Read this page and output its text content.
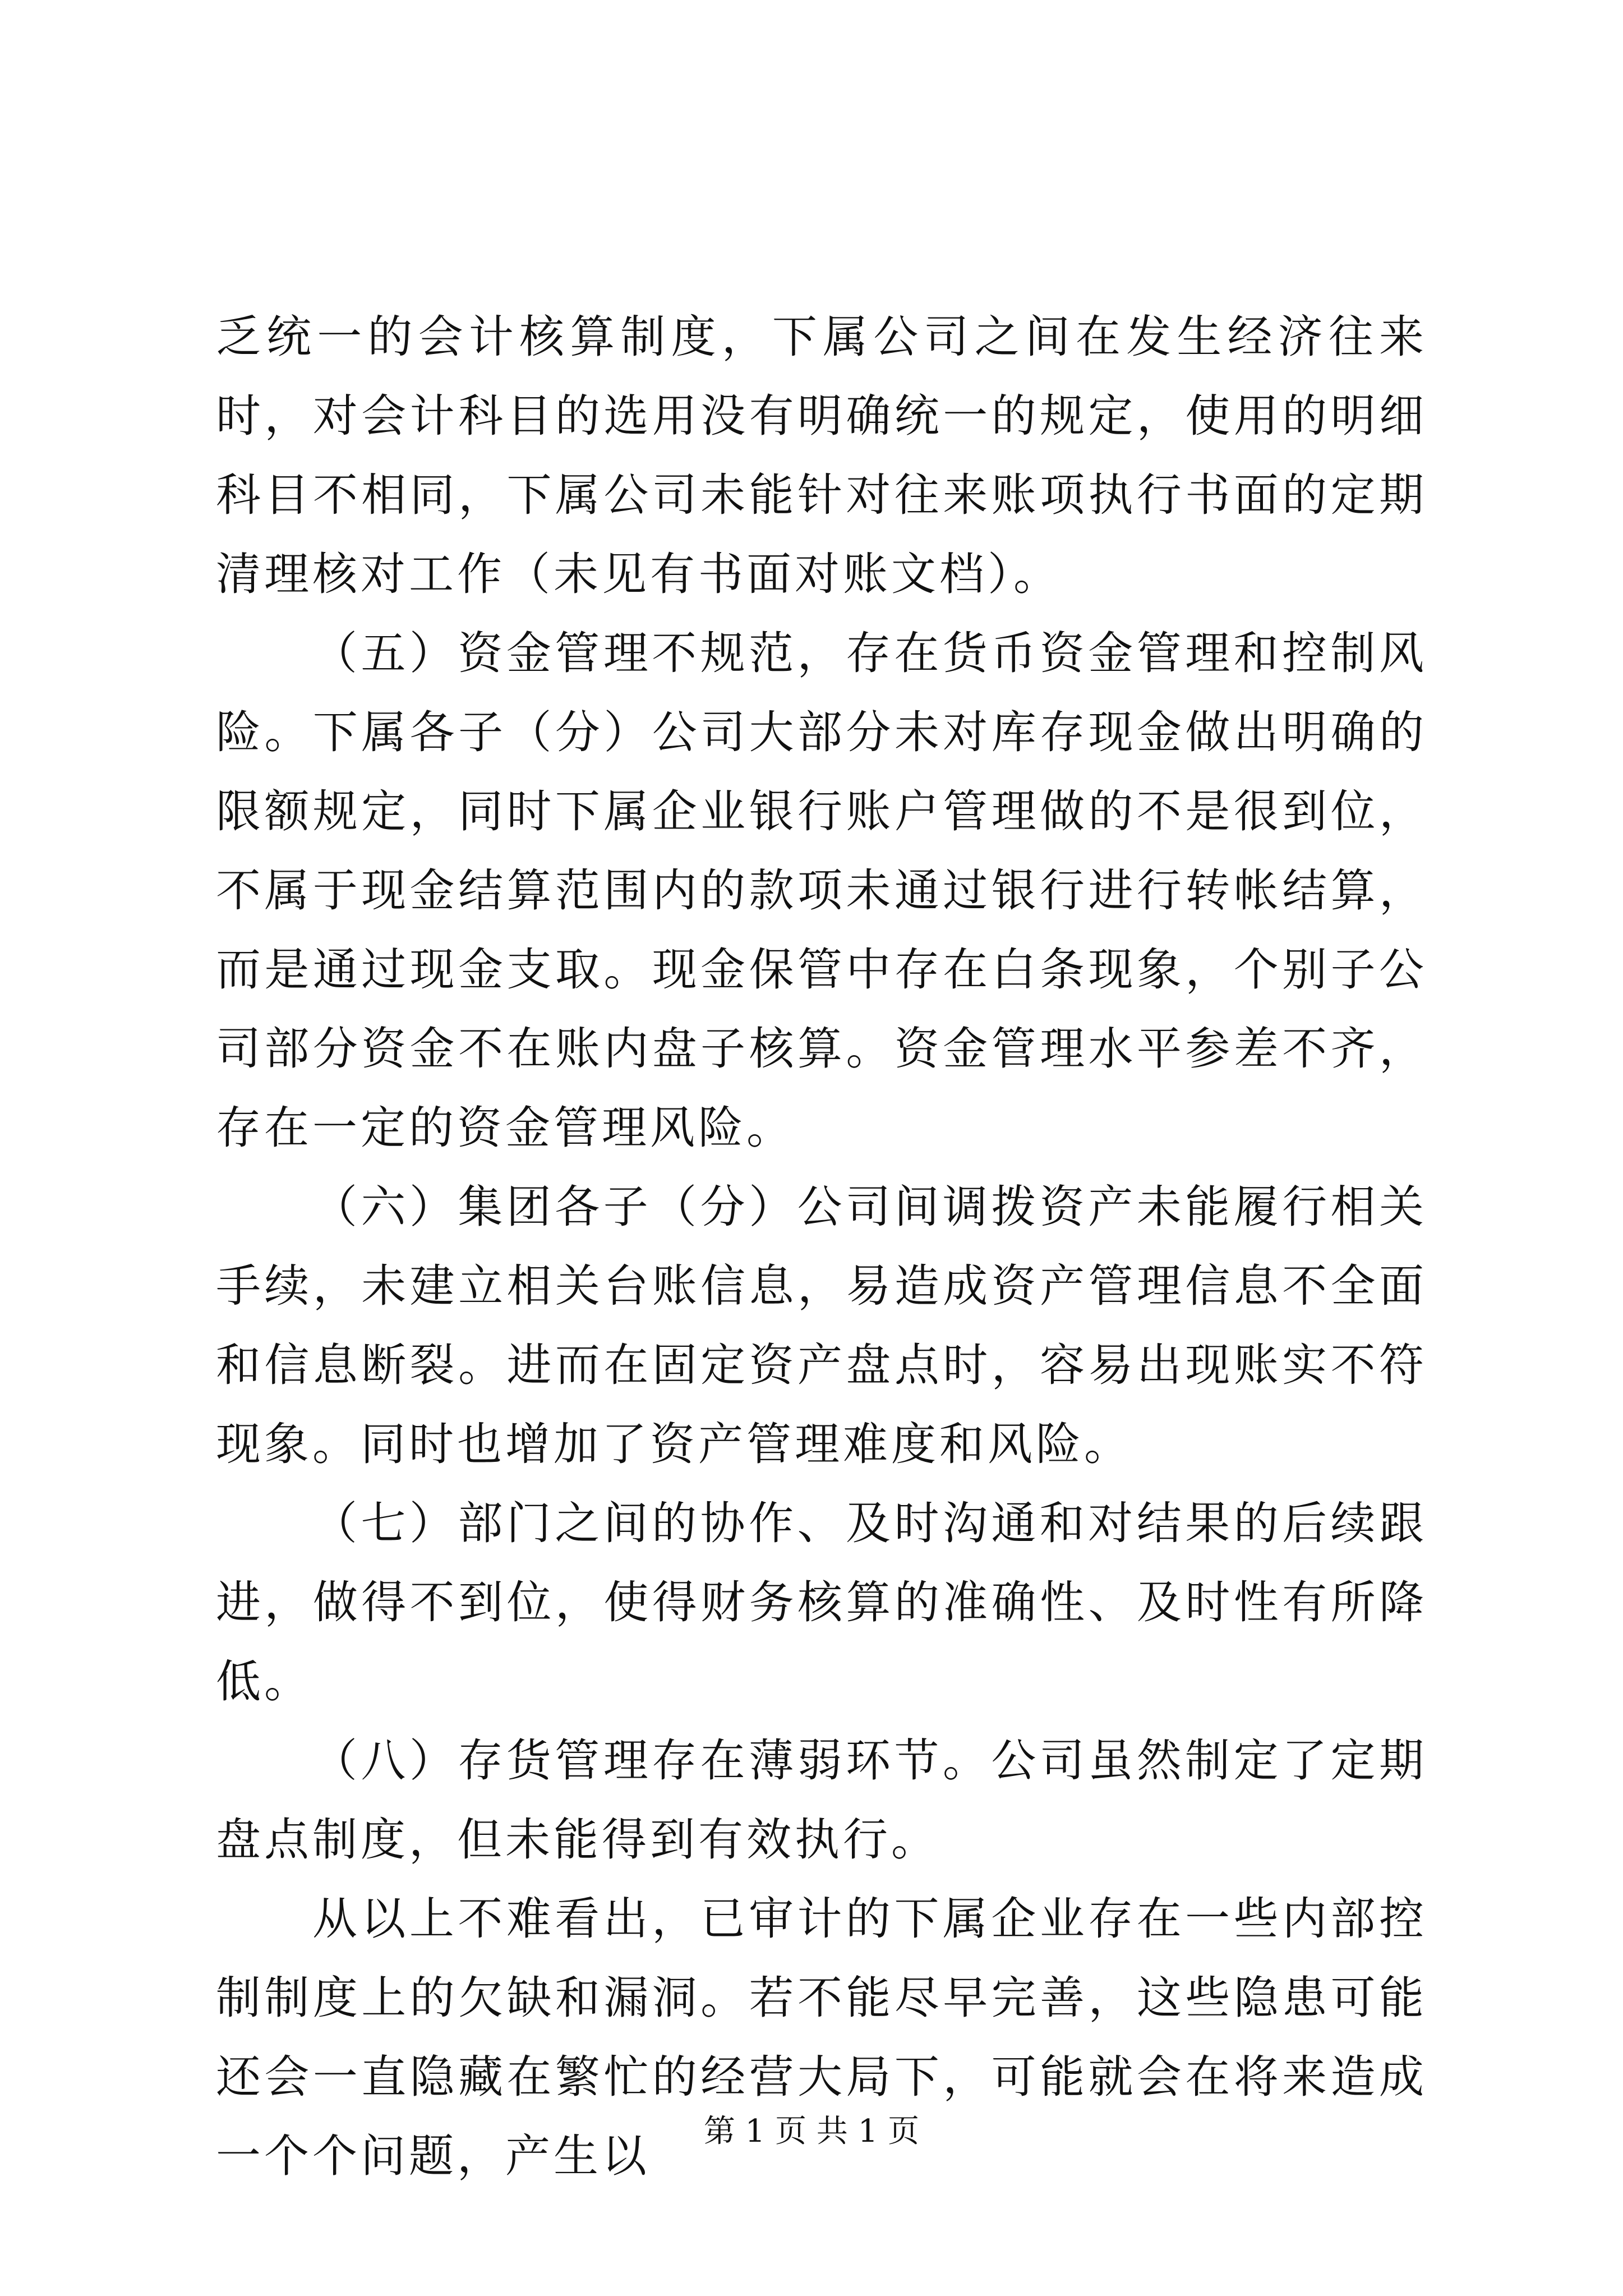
乏统一的会计核算制度，下属公司之间在发生经济往来时，对会计科目的选用没有明确统一的规定，使用的明细科目不相同，下属公司未能针对往来账项执行书面的定期清理核对工作（未见有书面对账文档）。

（五）资金管理不规范，存在货币资金管理和控制风险。下属各子（分）公司大部分未对库存现金做出明确的限额规定，同时下属企业银行账户管理做的不是很到位，不属于现金结算范围内的款项未通过银行进行转帐结算，而是通过现金支取。现金保管中存在白条现象，个别子公司部分资金不在账内盘子核算。资金管理水平参差不齐，存在一定的资金管理风险。

（六）集团各子（分）公司间调拨资产未能履行相关手续，未建立相关台账信息，易造成资产管理信息不全面和信息断裂。进而在固定资产盘点时，容易出现账实不符现象。同时也增加了资产管理难度和风险。

（七）部门之间的协作、及时沟通和对结果的后续跟进，做得不到位，使得财务核算的准确性、及时性有所降低。

（八）存货管理存在薄弱环节。公司虽然制定了定期盘点制度，但未能得到有效执行。

从以上不难看出，已审计的下属企业存在一些内部控制制度上的欠缺和漏洞。若不能尽早完善，这些隐患可能还会一直隐藏在繁忙的经营大局下，可能就会在将来造成一个个问题，产生以	第 1 页 共 1 页
